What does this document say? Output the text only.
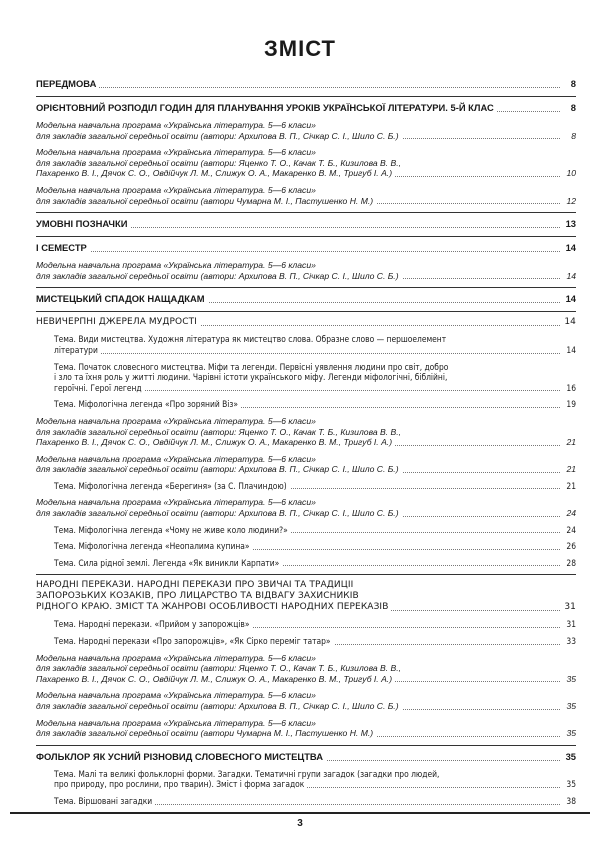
ЗМІСТ
ПЕРЕДМОВА	8
ОРІЄНТОВНИЙ РОЗПОДІЛ ГОДИН ДЛЯ ПЛАНУВАННЯ УРОКІВ УКРАЇНСЬКОЇ ЛІТЕРАТУРИ. 5-Й КЛАС	8
Модельна навчальна програма «Українська література. 5—6 класи»
для закладів загальної середньої освіти (автори: Архипова В. П., Січкар С. І., Шило С. Б.)	8
Модельна навчальна програма «Українська література. 5—6 класи»
для закладів загальної середньої освіти (автори: Яценко Т. О., Качак Т. Б., Кизилова В. В.,
Пахаренко В. І., Дячок С. О., Овдійчук Л. М., Слижук О. А., Макаренко В. М., Тригуб І. А.)	10
Модельна навчальна програма «Українська література. 5—6 класи»
для закладів загальної середньої освіти (автори Чумарна М. І., Пастушенко Н. М.)	12
УМОВНІ ПОЗНАЧКИ	13
І СЕМЕСТР	14
Модельна навчальна програма «Українська література. 5—6 класи»
для закладів загальної середньої освіти (автори: Архипова В. П., Січкар С. І., Шило С. Б.)	14
МИСТЕЦЬКИЙ СПАДОК НАЩАДКАМ	14
НЕВИЧЕРПНІ ДЖЕРЕЛА МУДРОСТІ	14
Тема. Види мистецтва. Художня література як мистецтво слова. Образне слово — першоелемент
літератури	14
Тема. Початок словесного мистецтва. Міфи та легенди. Первісні уявлення людини про світ, добро
і зло та їхня роль у житті людини. Чарівні істоти українського міфу. Легенди міфологічні, біблійні,
героїчні. Герої легенд	16
Тема. Міфологічна легенда «Про зоряний Віз»	19
Модельна навчальна програма «Українська література. 5—6 класи»
для закладів загальної середньої освіти (автори: Яценко Т. О., Качак Т. Б., Кизилова В. В.,
Пахаренко В. І., Дячок С. О., Овдійчук Л. М., Слижук О. А., Макаренко В. М., Тригуб І. А.)	21
Модельна навчальна програма «Українська література. 5—6 класи»
для закладів загальної середньої освіти (автори: Архипова В. П., Січкар С. І., Шило С. Б.)	21
Тема. Міфологічна легенда «Берегиня» (за С. Плачиндою)	21
Модельна навчальна програма «Українська література. 5—6 класи»
для закладів загальної середньої освіти (автори: Архипова В. П., Січкар С. І., Шило С. Б.)	24
Тема. Міфологічна легенда «Чому не живе коло людини?»	24
Тема. Міфологічна легенда «Неопалима купина»	26
Тема. Сила рідної землі. Легенда «Як виникли Карпати»	28
НАРОДНІ ПЕРЕКАЗИ. НАРОДНІ ПЕРЕКАЗИ ПРО ЗВИЧАЇ ТА ТРАДИЦІЇ
ЗАПОРОЗЬКИХ КОЗАКІВ, ПРО ЛИЦАРСТВО ТА ВІДВАГУ ЗАХИСНИКІВ
РІДНОГО КРАЮ. ЗМІСТ ТА ЖАНРОВІ ОСОБЛИВОСТІ НАРОДНИХ ПЕРЕКАЗІВ	31
Тема. Народні перекази. «Прийом у запорожців»	31
Тема. Народні перекази «Про запорожців», «Як Сірко переміг татар»	33
Модельна навчальна програма «Українська література. 5—6 класи»
для закладів загальної середньої освіти (автори: Яценко Т. О., Качак Т. Б., Кизилова В. В.,
Пахаренко В. І., Дячок С. О., Овдійчук Л. М., Слижук О. А., Макаренко В. М., Тригуб І. А.)	35
Модельна навчальна програма «Українська література. 5—6 класи»
для закладів загальної середньої освіти (автори: Архипова В. П., Січкар С. І., Шило С. Б.)	35
Модельна навчальна програма «Українська література. 5—6 класи»
для закладів загальної середньої освіти (автори Чумарна М. І., Пастушенко Н. М.)	35
ФОЛЬКЛОР ЯК УСНИЙ РІЗНОВИД СЛОВЕСНОГО МИСТЕЦТВА	35
Тема. Малі та великі фольклорні форми. Загадки. Тематичні групи загадок (загадки про людей,
про природу, про рослини, про тварин). Зміст і форма загадок	35
Тема. Віршовані загадки	38
3
